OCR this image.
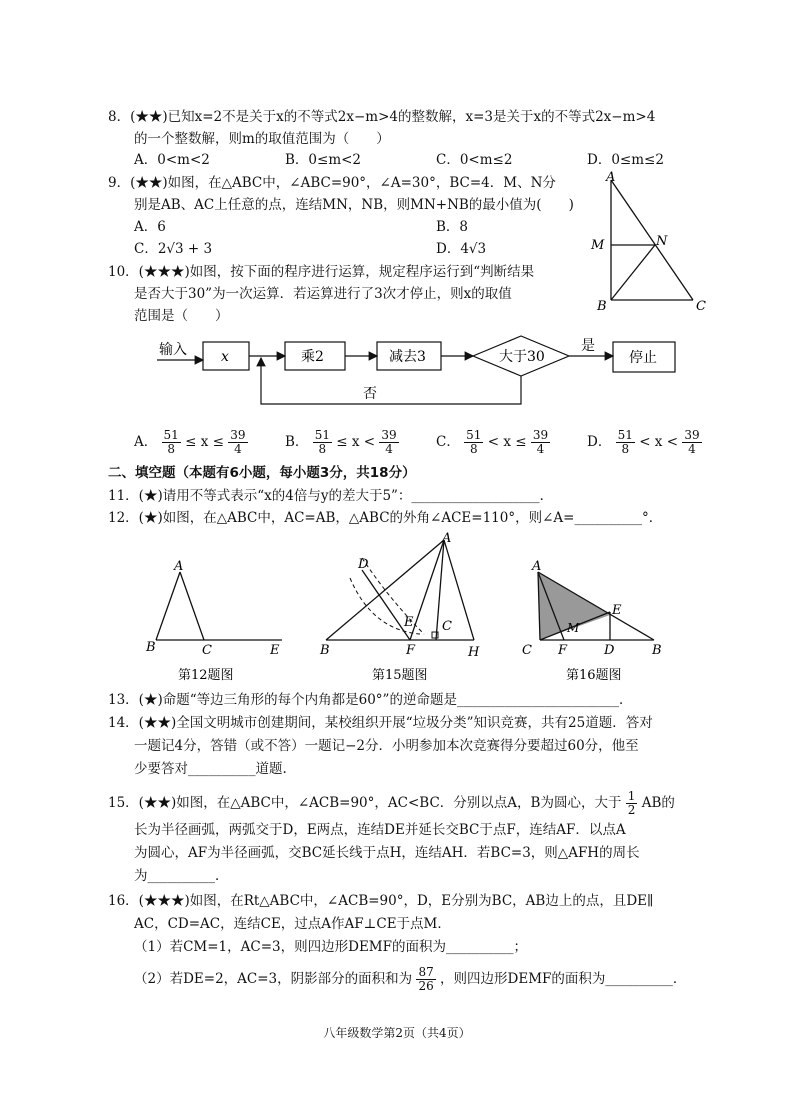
8．(★★)已知x=2不是关于x的不等式2x−m>4的整数解，x=3是关于x的不等式2x−m>4
的一个整数解，则m的取值范围为（　　）
A．0<m<2	B．0≤m<2	C．0<m≤2	D．0≤m≤2
9．(★★)如图，在△ABC中，∠ABC=90°，∠A=30°，BC=4．M、N分
别是AB、AC上任意的点，连结MN，NB，则MN+NB的最小值为(　　)
A．6	B．8
C．2√3 + 3	D．4√3
A
M	N
B	C
10．(★★★)如图，按下面的程序进行运算，规定程序运行到“判断结果
是否大于30”为一次运算．若运算进行了3次才停止，则x的取值
范围是（　　）
输入 x	乘2	减去3	大于30
是
停止
否
A． $\frac{51}{8} \le x \le \frac{39}{4}$	B． $\frac{51}{8} \le x < \frac{39}{4}$	C． $\frac{51}{8} < x \le \frac{39}{4}$	D． $\frac{51}{8} < x < \frac{39}{4}$
二、填空题（本题有6小题，每小题3分，共18分）
11．(★)请用不等式表示“x的4倍与y的差大于5”：___________________．
12．(★)如图，在△ABC中，AC=AB，△ABC的外角∠ACE=110°，则∠A=__________°．
A
B	C	E
第12题图
A
D
E C
B	F	H
第15题图
A
E
M
C F	D	B
第16题图
13．(★)命题“等边三角形的每个内角都是60°”的逆命题是________________________．
14．(★★)全国文明城市创建期间，某校组织开展“垃圾分类”知识竞赛，共有25道题．答对
一题记4分，答错（或不答）一题记−2分．小明参加本次竞赛得分要超过60分，他至
少要答对__________道题.
15．(★★)如图，在△ABC中，∠ACB=90°，AC<BC．分别以点A，B为圆心，大于 $\frac{1}{2}$ AB的
长为半径画弧，两弧交于D，E两点，连结DE并延长交BC于点F，连结AF．以点A
为圆心，AF为半径画弧，交BC延长线于点H，连结AH．若BC=3，则△AFH的周长
为__________．
16．(★★★)如图，在Rt△ABC中，∠ACB=90°，D，E分别为BC，AB边上的点，且DE∥
AC，CD=AC，连结CE，过点A作AF⊥CE于点M．
（1）若CM=1，AC=3，则四边形DEMF的面积为__________；
（2）若DE=2，AC=3，阴影部分的面积和为 $\frac{87}{26}$ ，则四边形DEMF的面积为__________．
八年级数学第2页（共4页）
